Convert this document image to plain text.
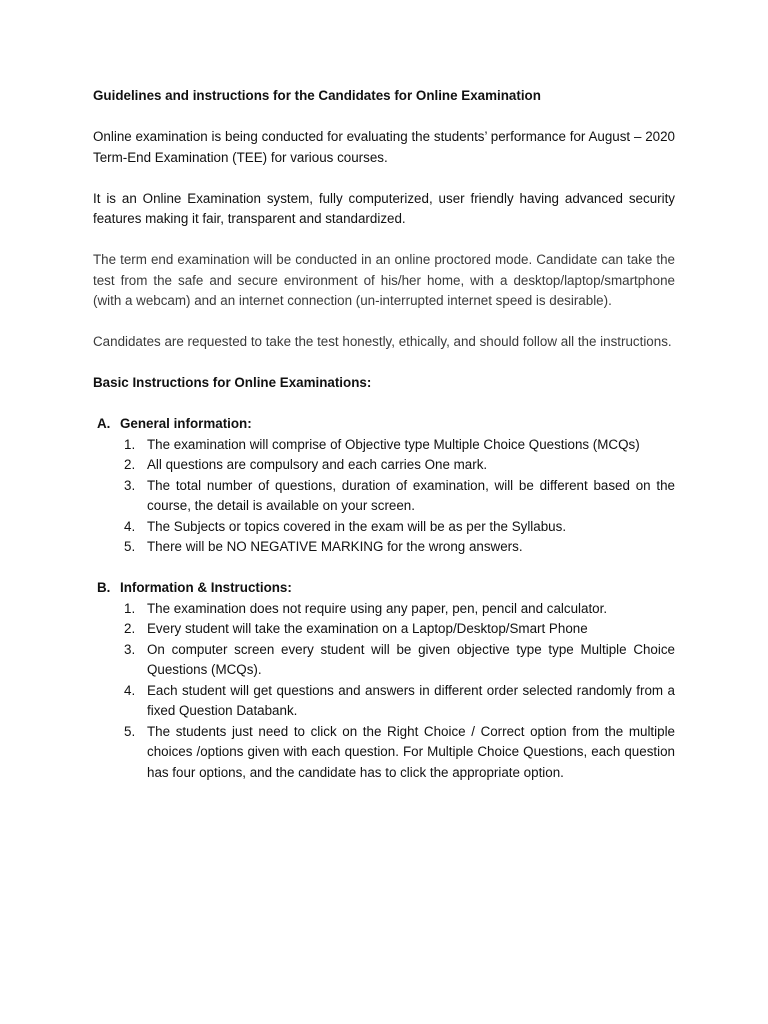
Guidelines and instructions for the Candidates for Online Examination

Online examination is being conducted for evaluating the students’ performance for August – 2020 Term-End Examination (TEE) for various courses.

It is an Online Examination system, fully computerized, user friendly having advanced security features making it fair, transparent and standardized.

The term end examination will be conducted in an online proctored mode. Candidate can take the test from the safe and secure environment of his/her home, with a desktop/laptop/smartphone (with a webcam) and an internet connection (un-interrupted internet speed is desirable).

Candidates are requested to take the test honestly, ethically, and should follow all the instructions.

Basic Instructions for Online Examinations:
A. General information:
1. The examination will comprise of Objective type Multiple Choice Questions (MCQs)
2. All questions are compulsory and each carries One mark.
3. The total number of questions, duration of examination, will be different based on the course, the detail is available on your screen.
4. The Subjects or topics covered in the exam will be as per the Syllabus.
5. There will be NO NEGATIVE MARKING for the wrong answers.
B. Information & Instructions:
1. The examination does not require using any paper, pen, pencil and calculator.
2. Every student will take the examination on a Laptop/Desktop/Smart Phone
3. On computer screen every student will be given objective type type Multiple Choice Questions (MCQs).
4. Each student will get questions and answers in different order selected randomly from a fixed Question Databank.
5. The students just need to click on the Right Choice / Correct option from the multiple choices /options given with each question. For Multiple Choice Questions, each question has four options, and the candidate has to click the appropriate option.
